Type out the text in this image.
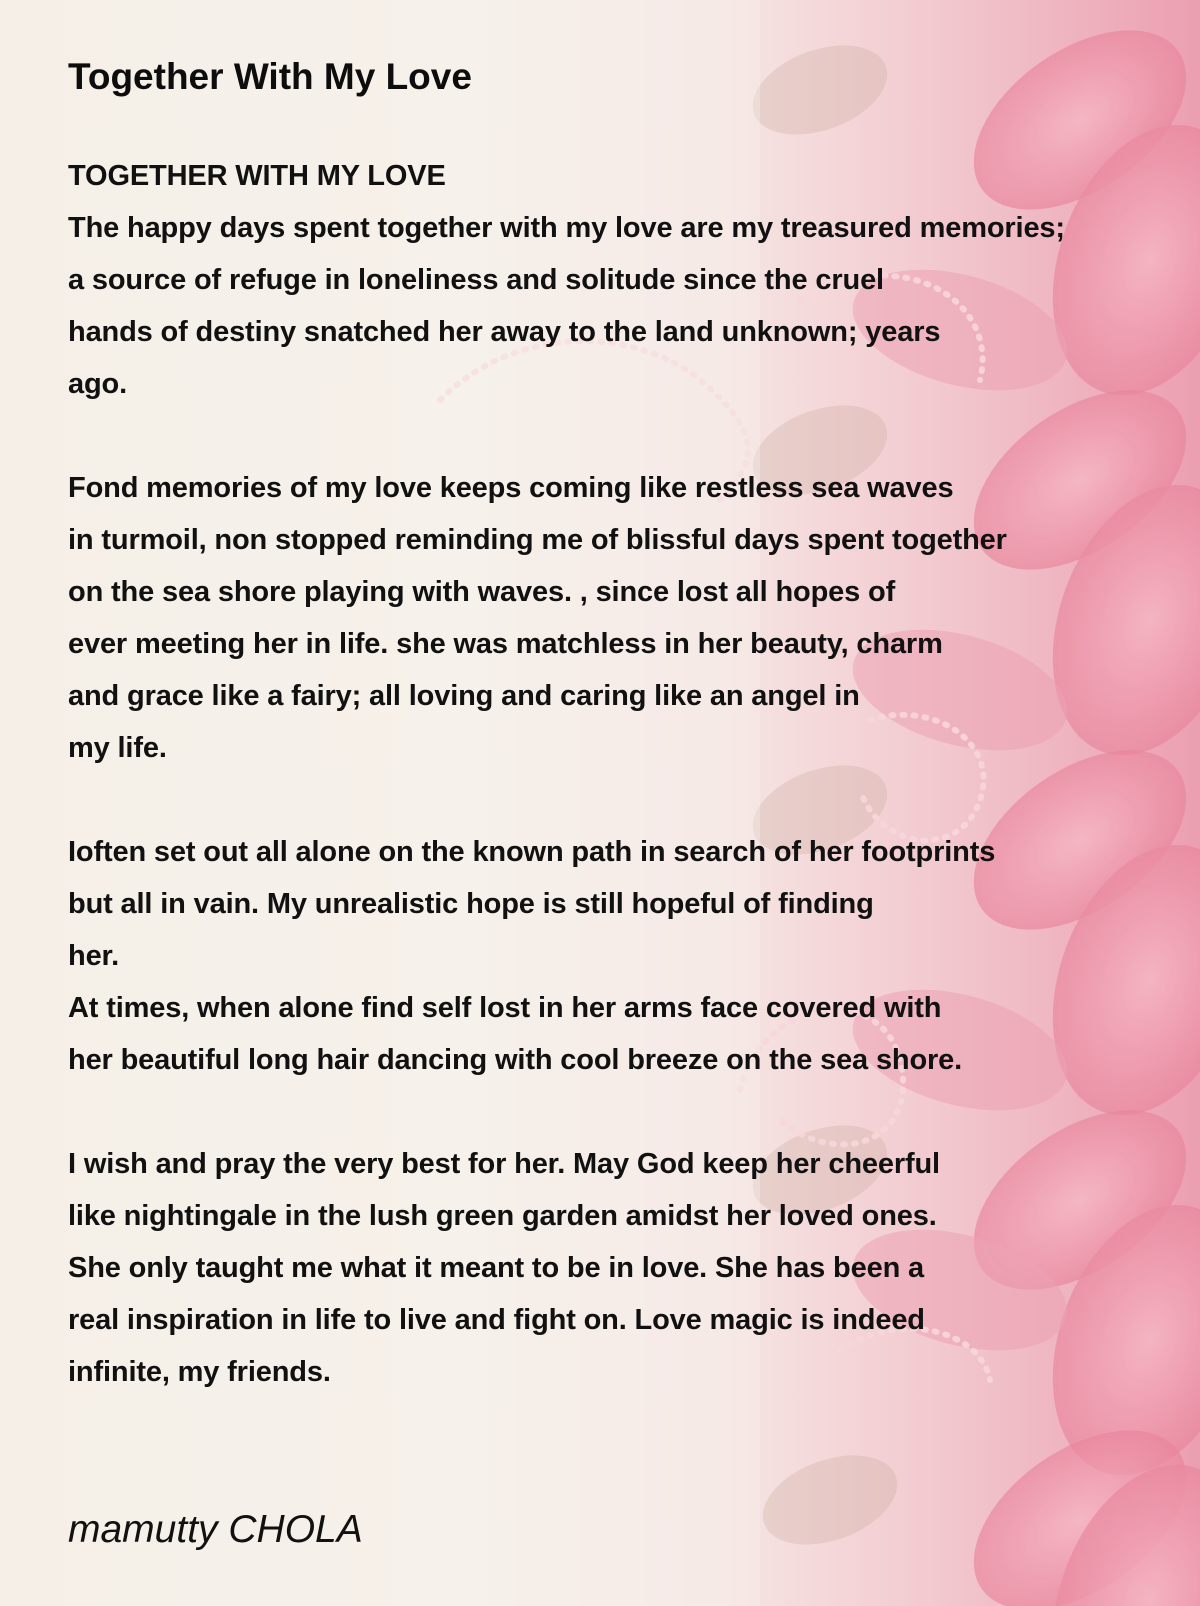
Together With My Love
TOGETHER WITH MY LOVE
The happy days spent together with my love are my treasured memories;
a source of refuge in loneliness and solitude since the cruel
hands of destiny snatched her away to the land unknown; years
ago.
Fond memories of my love keeps coming like restless sea waves
in turmoil, non stopped reminding me of blissful days spent together
on the sea shore playing with waves. , since lost all hopes of
ever meeting her in life. she was matchless in her beauty, charm
and grace like a fairy; all loving and caring like an angel in
my life.
Ioften set out all alone on the known path in search of her footprints
but all in vain. My unrealistic hope is still hopeful of finding
her.
At times, when alone find self lost in her arms face covered with
her beautiful long hair dancing with cool breeze on the sea shore.
I wish and pray the very best for her. May God keep her cheerful
like nightingale in the lush green garden amidst her loved ones.
She only taught me what it meant to be in love. She has been a
real inspiration in life to live and fight on. Love magic is indeed
infinite, my friends.

mamutty CHOLA
